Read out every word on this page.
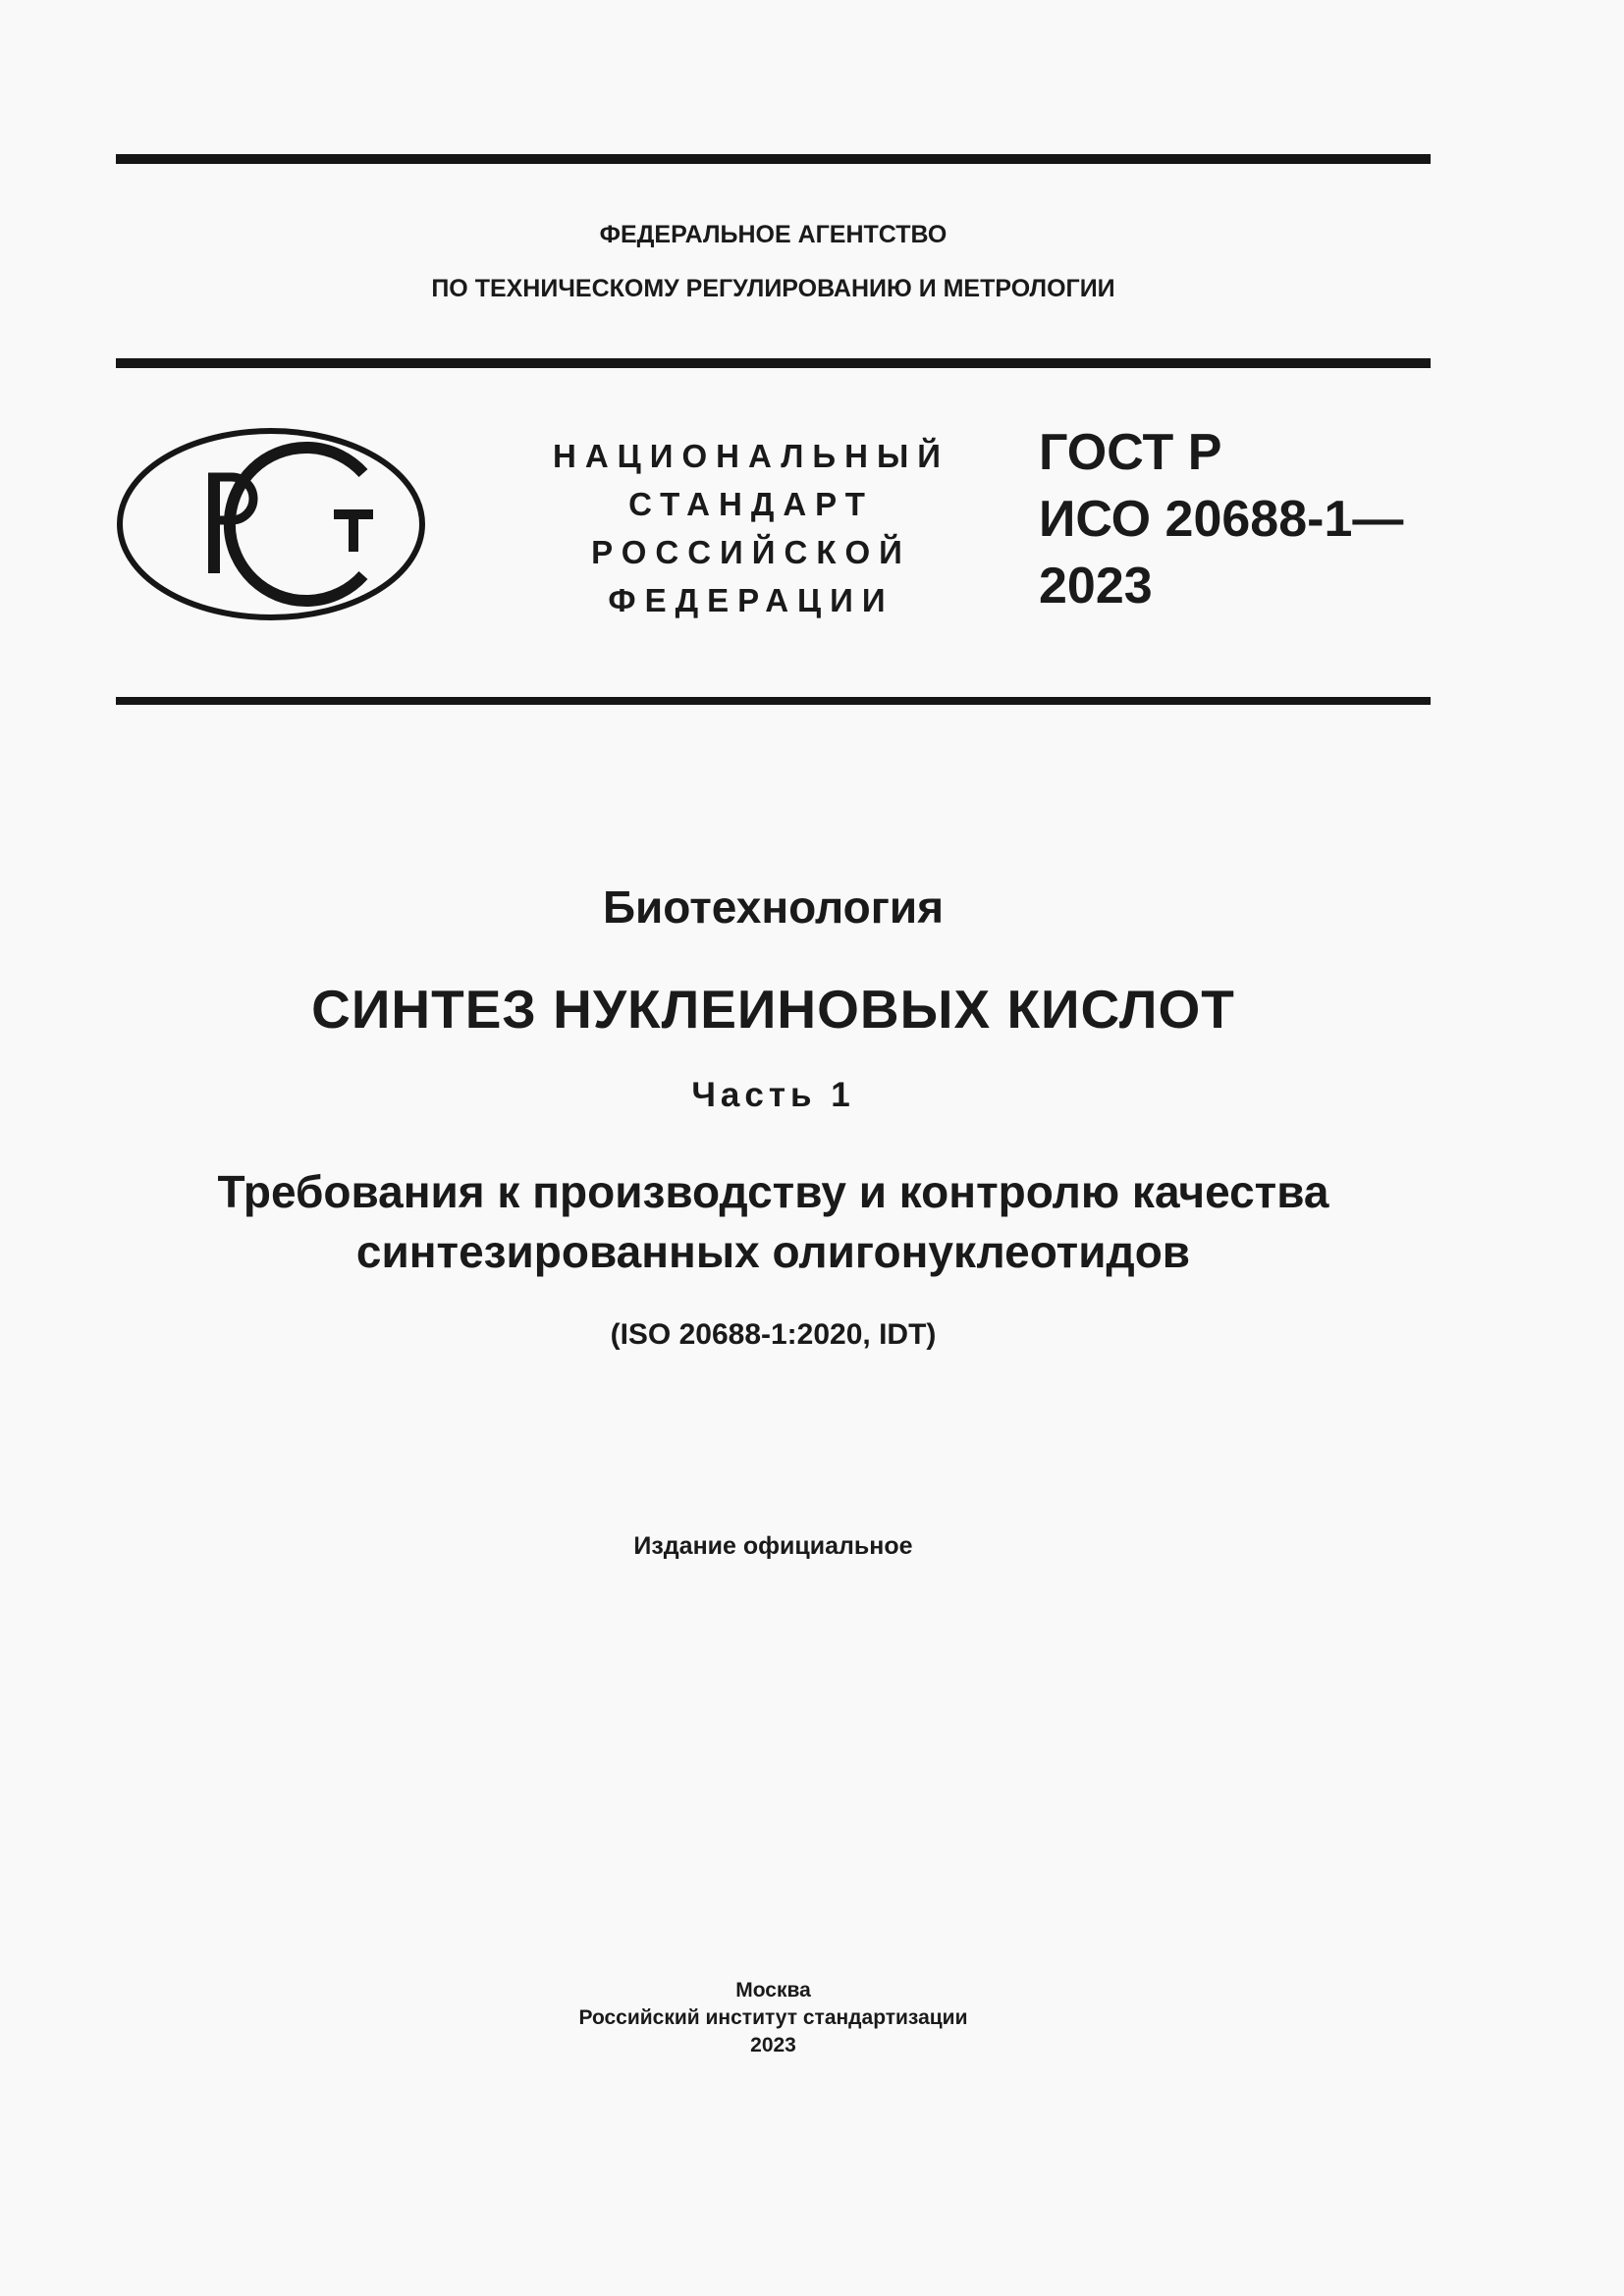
ФЕДЕРАЛЬНОЕ АГЕНТСТВО
ПО ТЕХНИЧЕСКОМУ РЕГУЛИРОВАНИЮ И МЕТРОЛОГИИ
НАЦИОНАЛЬНЫЙ
СТАНДАРТ
РОССИЙСКОЙ
ФЕДЕРАЦИИ
ГОСТ Р
ИСО 20688-1—
2023
Биотехнология
СИНТЕЗ НУКЛЕИНОВЫХ КИСЛОТ
Часть 1
Требования к производству и контролю качества
синтезированных олигонуклеотидов
(ISO 20688-1:2020, IDT)
Издание официальное
Москва
Российский институт стандартизации
2023
